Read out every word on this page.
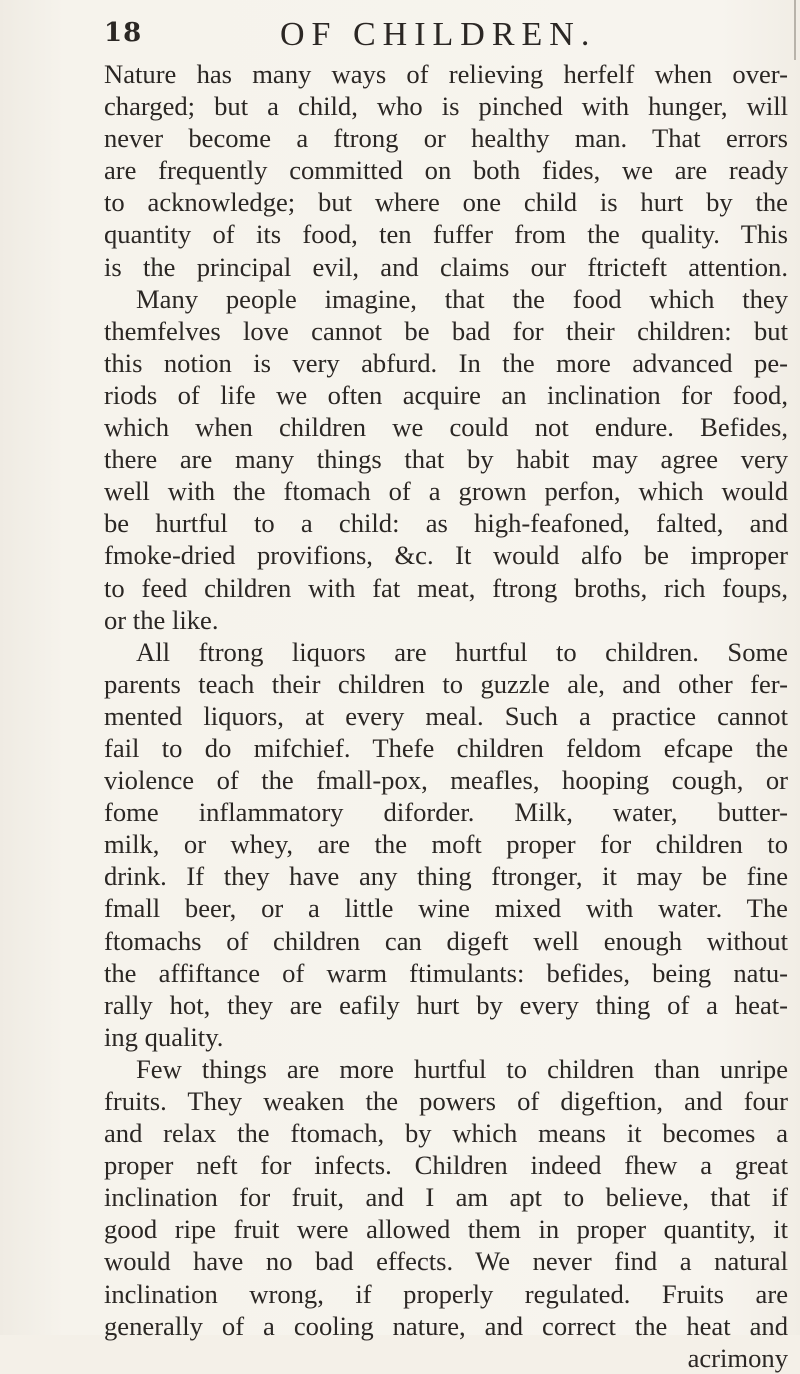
18	OF CHILDREN.
Nature has many ways of relieving herfelf when over-
charged; but a child, who is pinched with hunger, will
never become a ftrong or healthy man. That errors
are frequently committed on both fides, we are ready
to acknowledge; but where one child is hurt by the
quantity of its food, ten fuffer from the quality. This
is the principal evil, and claims our ftricteft attention.
Many people imagine, that the food which they
themfelves love cannot be bad for their children: but
this notion is very abfurd. In the more advanced pe-
riods of life we often acquire an inclination for food,
which when children we could not endure. Befides,
there are many things that by habit may agree very
well with the ftomach of a grown perfon, which would
be hurtful to a child: as high-feafoned, falted, and
fmoke-dried provifions, &c. It would alfo be improper
to feed children with fat meat, ftrong broths, rich foups,
or the like.
All ftrong liquors are hurtful to children. Some
parents teach their children to guzzle ale, and other fer-
mented liquors, at every meal. Such a practice cannot
fail to do mifchief. Thefe children feldom efcape the
violence of the fmall-pox, meafles, hooping cough, or
fome inflammatory diforder. Milk, water, butter-
milk, or whey, are the moft proper for children to
drink. If they have any thing ftronger, it may be fine
fmall beer, or a little wine mixed with water. The
ftomachs of children can digeft well enough without
the affiftance of warm ftimulants: befides, being natu-
rally hot, they are eafily hurt by every thing of a heat-
ing quality.
Few things are more hurtful to children than unripe
fruits. They weaken the powers of digeftion, and four
and relax the ftomach, by which means it becomes a
proper neft for infects. Children indeed fhew a great
inclination for fruit, and I am apt to believe, that if
good ripe fruit were allowed them in proper quantity, it
would have no bad effects. We never find a natural
inclination wrong, if properly regulated. Fruits are
generally of a cooling nature, and correct the heat and
acrimony
